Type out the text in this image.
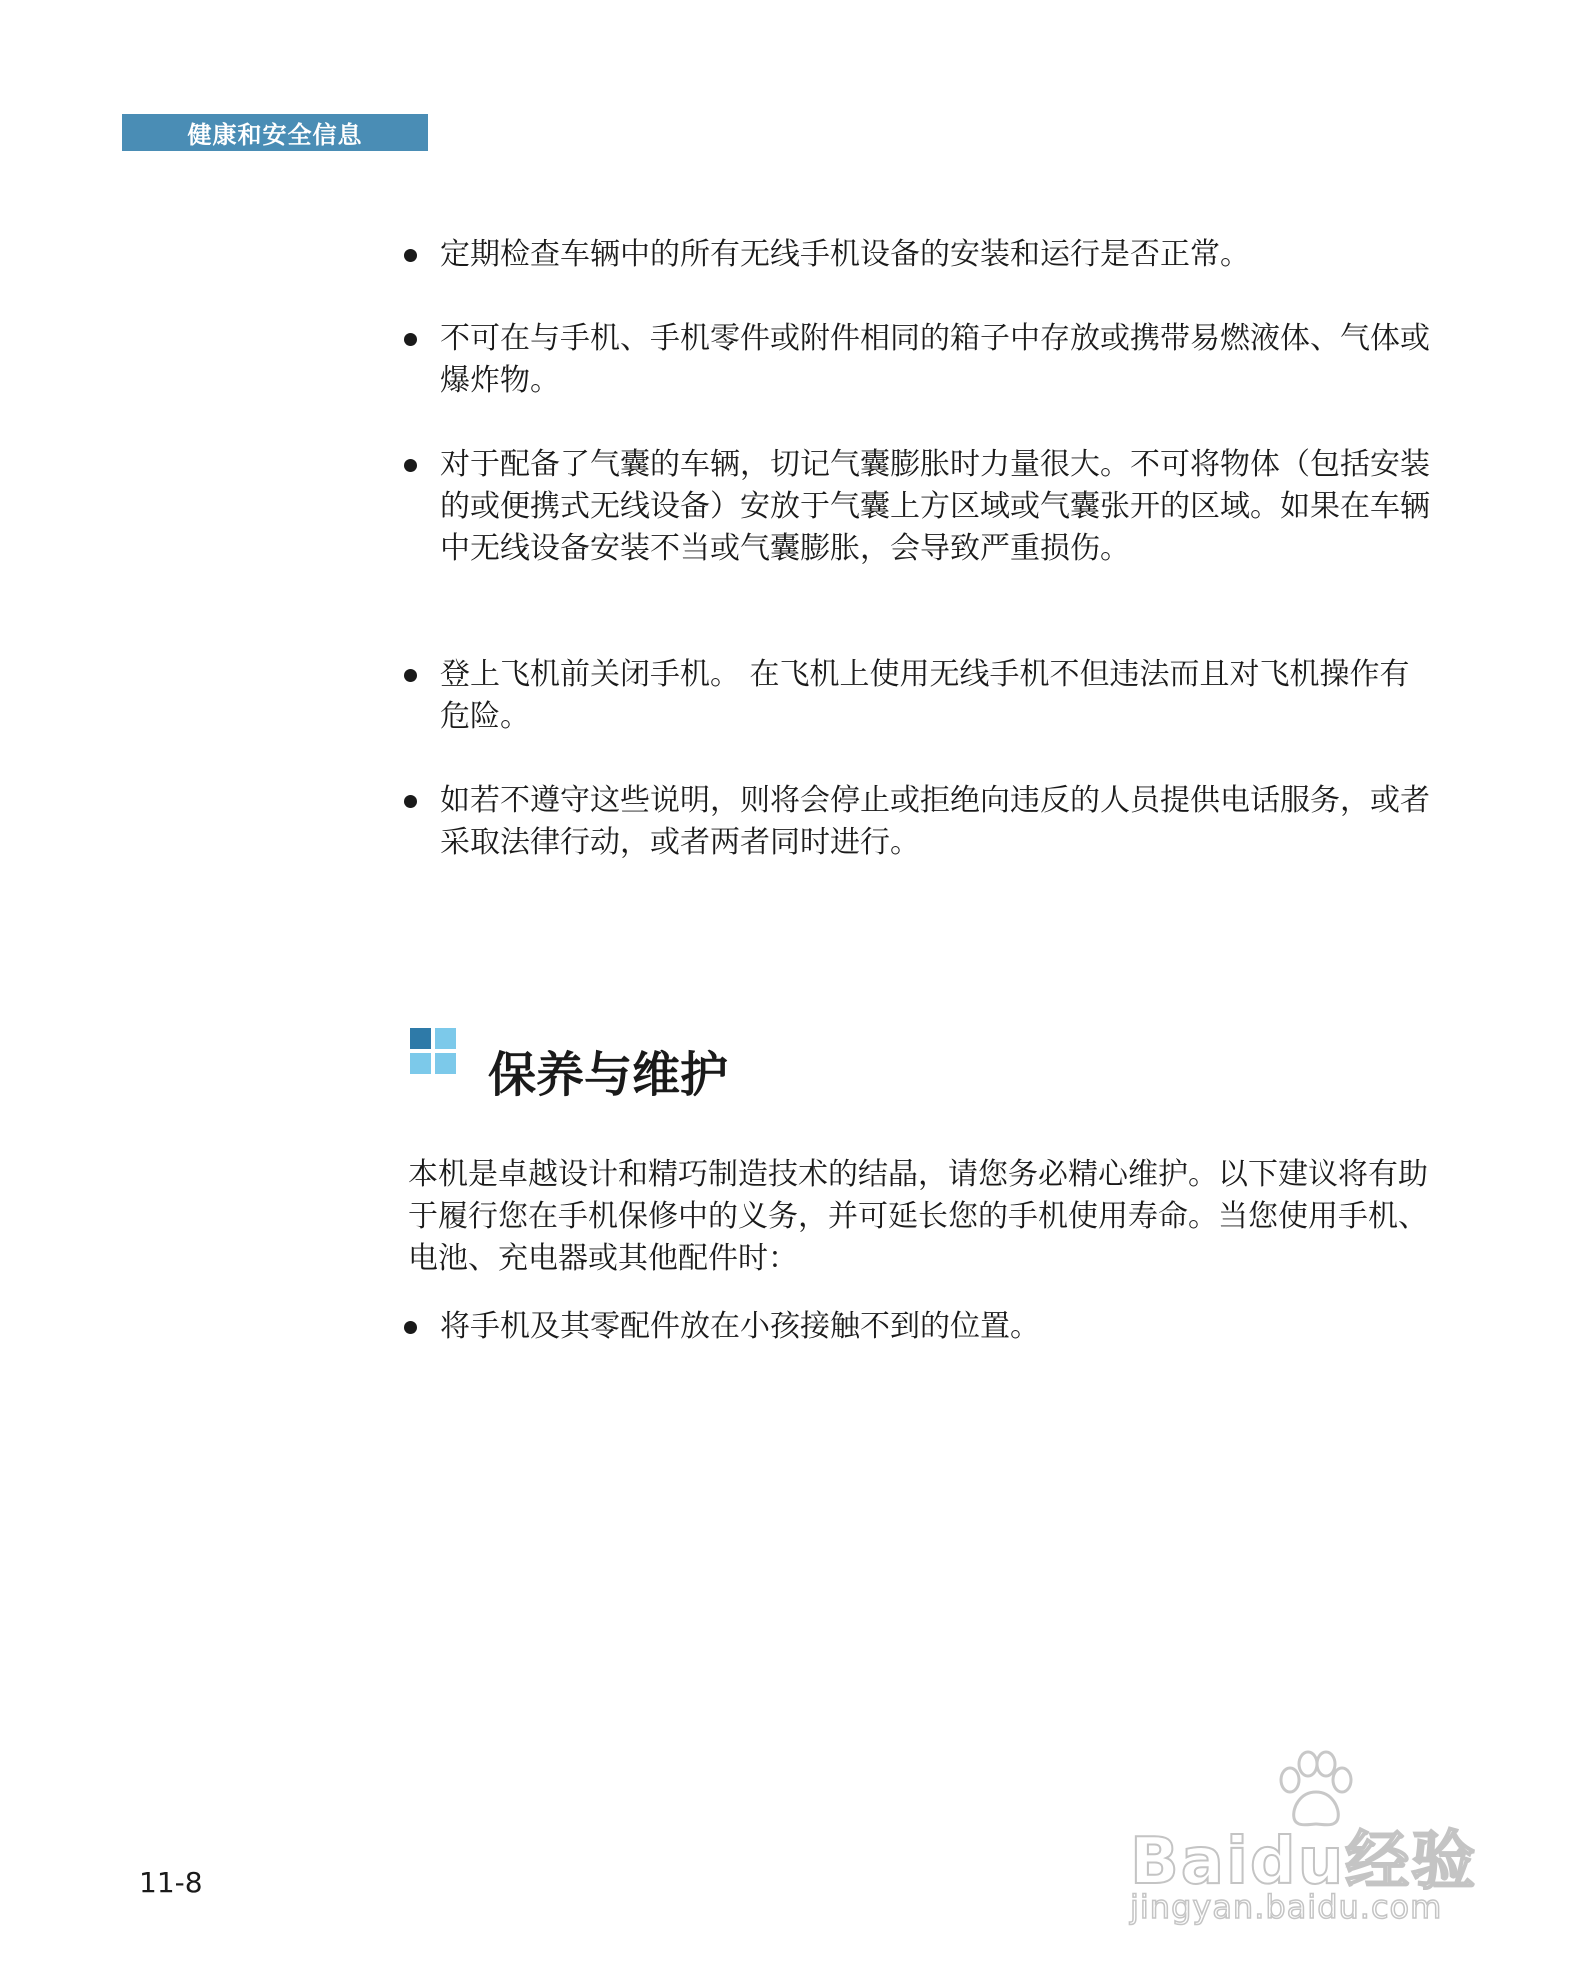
健康和安全信息
定期检查车辆中的所有无线手机设备的安装和运行是否正常。
不可在与手机、手机零件或附件相同的箱子中存放或携带易燃液体、气体或爆炸物。
对于配备了气囊的车辆，切记气囊膨胀时力量很大。不可将物体（包括安装的或便携式无线设备）安放于气囊上方区域或气囊张开的区域。如果在车辆中无线设备安装不当或气囊膨胀，会导致严重损伤。
登上飞机前关闭手机。 在飞机上使用无线手机不但违法而且对飞机操作有危险。
如若不遵守这些说明，则将会停止或拒绝向违反的人员提供电话服务，或者采取法律行动，或者两者同时进行。
保养与维护
本机是卓越设计和精巧制造技术的结晶，请您务必精心维护。以下建议将有助于履行您在手机保修中的义务，并可延长您的手机使用寿命。当您使用手机、电池、充电器或其他配件时：
将手机及其零配件放在小孩接触不到的位置。
11-8	Baidu经验
jingyan.baidu.com
